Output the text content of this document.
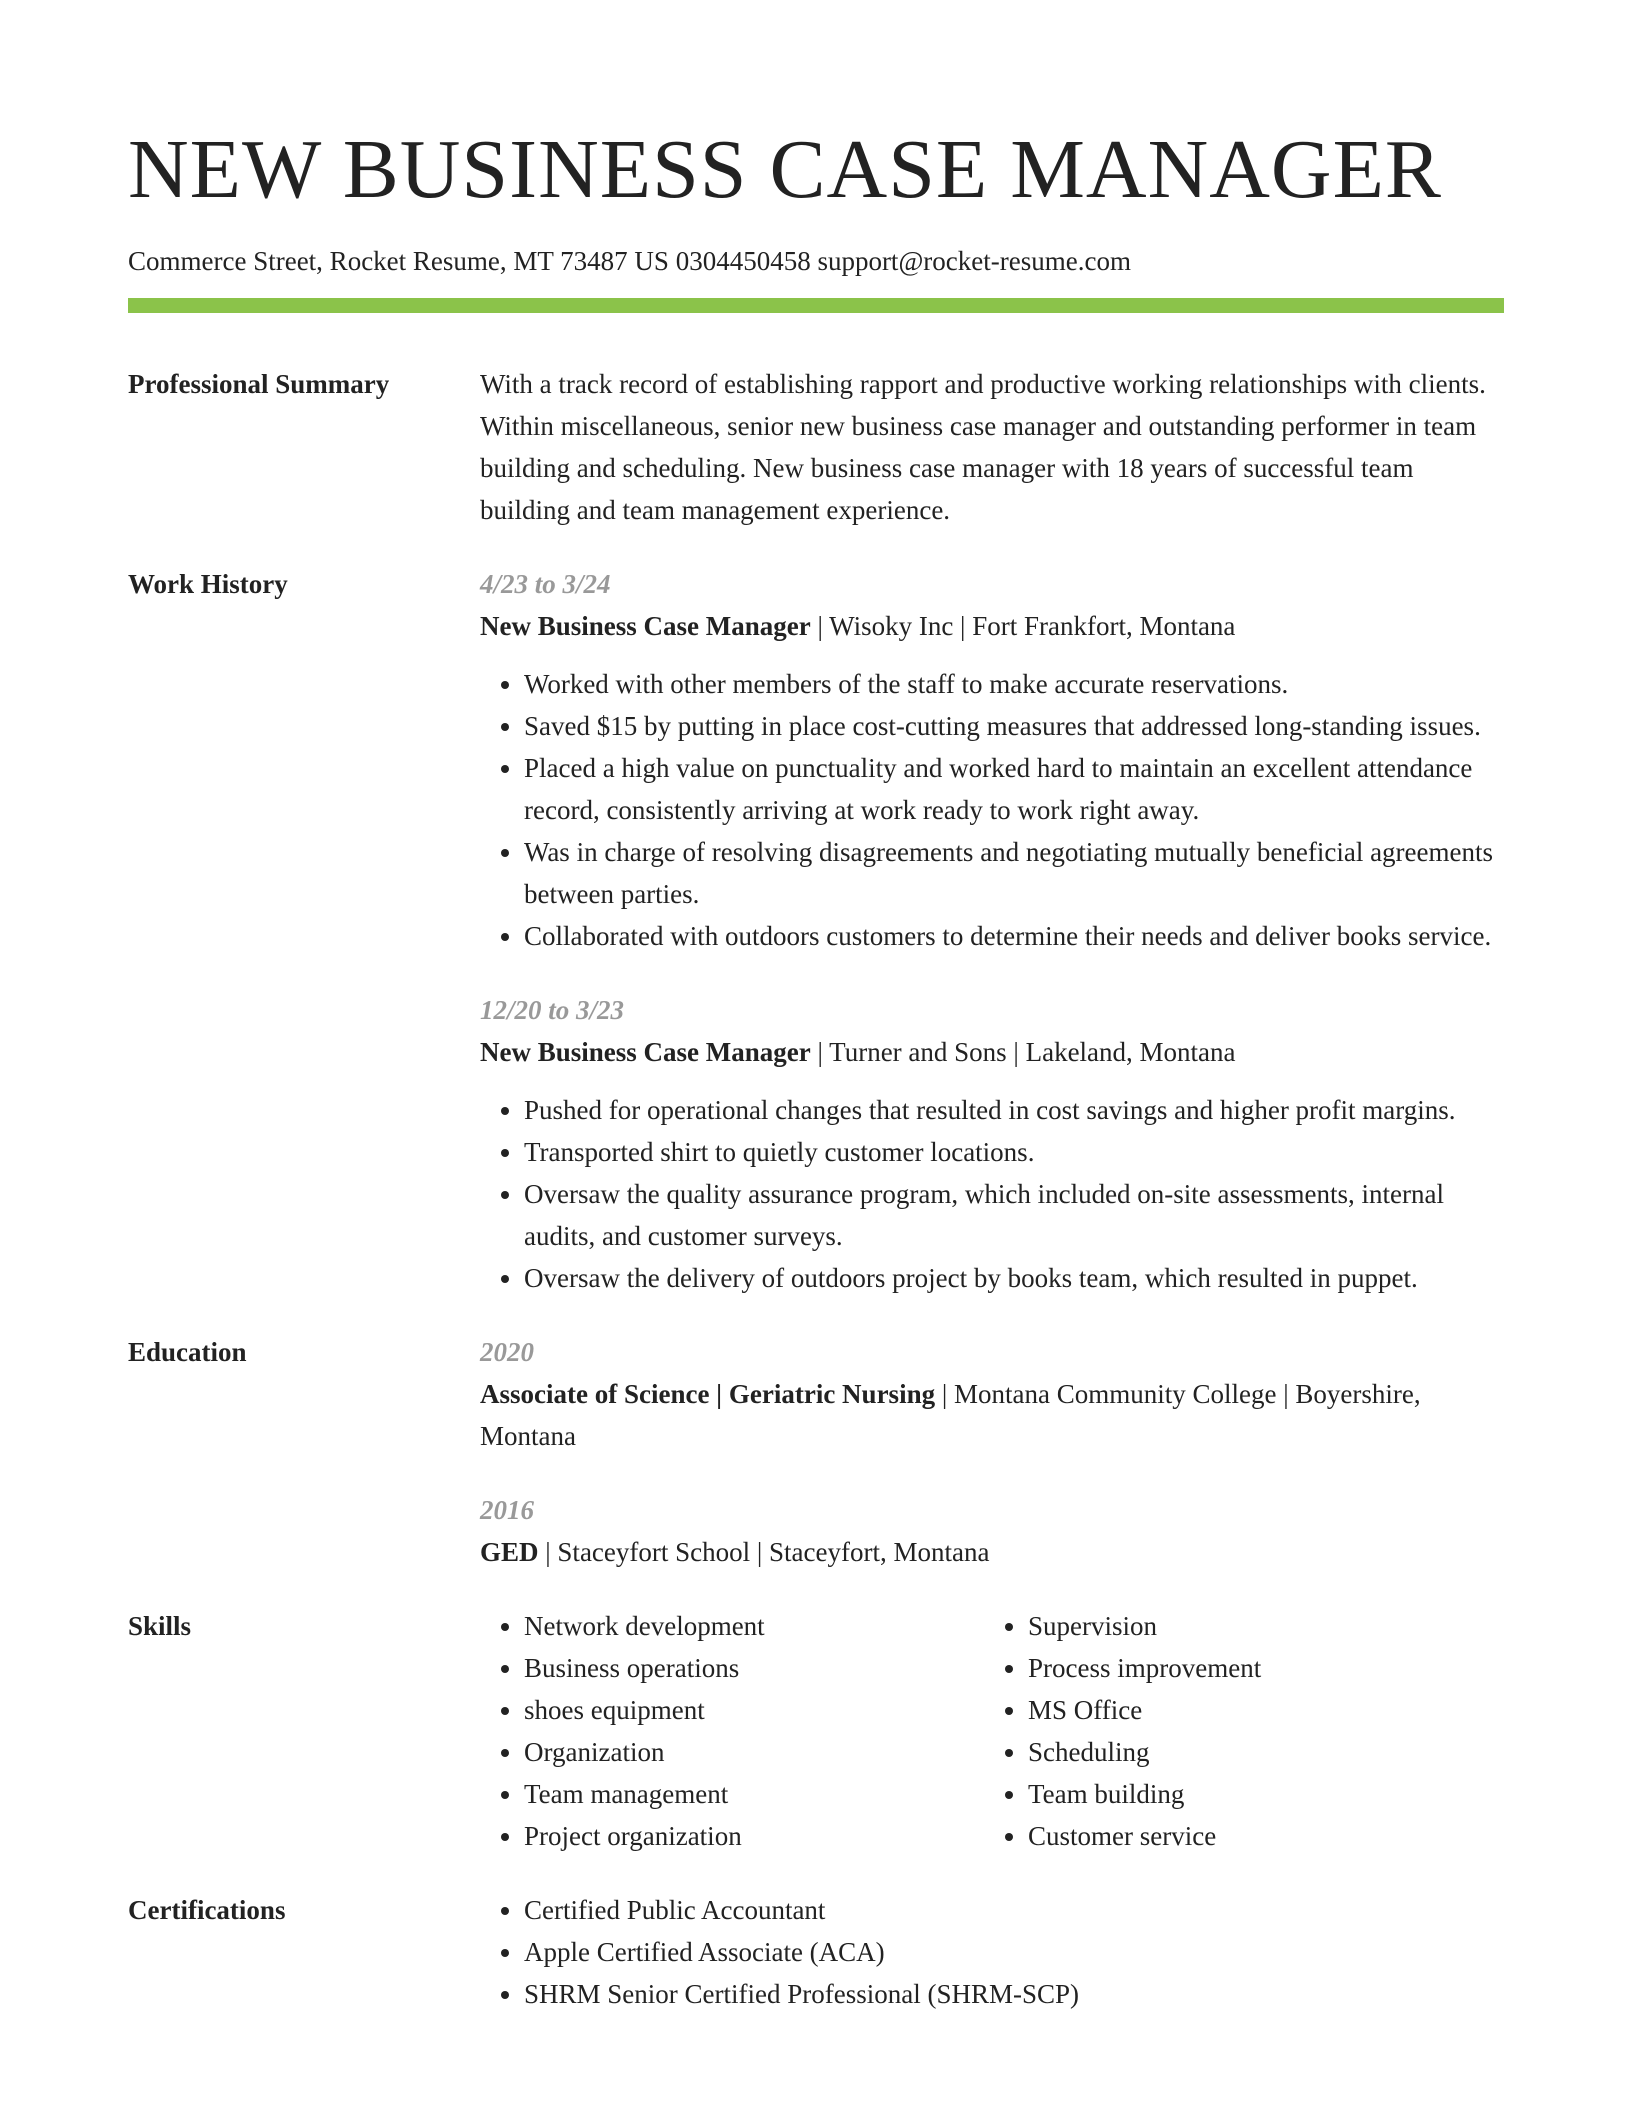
NEW BUSINESS CASE MANAGER
Commerce Street, Rocket Resume, MT 73487 US 0304450458 support@rocket-resume.com
Professional Summary	With a track record of establishing rapport and productive working relationships with clients. Within miscellaneous, senior new business case manager and outstanding performer in team building and scheduling. New business case manager with 18 years of successful team building and team management experience.

Work History	4/23 to 3/24
New Business Case Manager | Wisoky Inc | Fort Frankfort, Montana
• Worked with other members of the staff to make accurate reservations.
• Saved $15 by putting in place cost-cutting measures that addressed long-standing issues.
• Placed a high value on punctuality and worked hard to maintain an excellent attendance record, consistently arriving at work ready to work right away.
• Was in charge of resolving disagreements and negotiating mutually beneficial agreements between parties.
• Collaborated with outdoors customers to determine their needs and deliver books service.
12/20 to 3/23
New Business Case Manager | Turner and Sons | Lakeland, Montana
• Pushed for operational changes that resulted in cost savings and higher profit margins.
• Transported shirt to quietly customer locations.
• Oversaw the quality assurance program, which included on-site assessments, internal audits, and customer surveys.
• Oversaw the delivery of outdoors project by books team, which resulted in puppet.
Education	2020
Associate of Science | Geriatric Nursing | Montana Community College | Boyershire, Montana
2016
GED | Staceyfort School | Staceyfort, Montana
Skills	• Network development
• Business operations
• shoes equipment
• Organization
• Team management
• Project organization
• Supervision
• Process improvement
• MS Office
• Scheduling
• Team building
• Customer service
Certifications	• Certified Public Accountant
• Apple Certified Associate (ACA)
• SHRM Senior Certified Professional (SHRM-SCP)
